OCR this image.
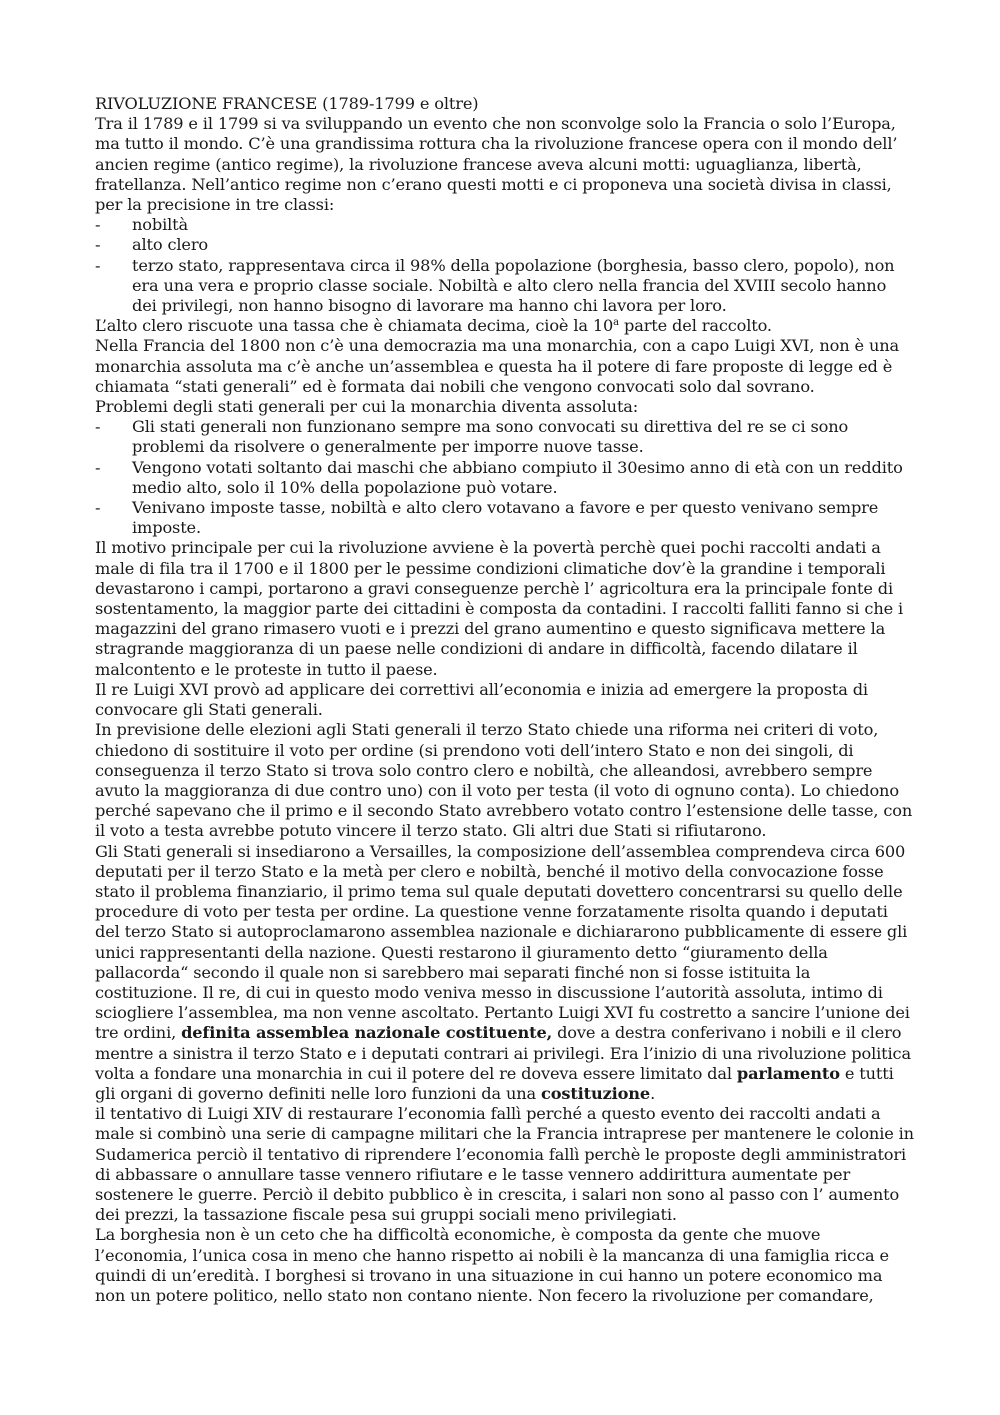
RIVOLUZIONE FRANCESE (1789-1799 e oltre)

Tra il 1789 e il 1799 si va sviluppando un evento che non sconvolge solo la Francia o solo l’Europa, ma tutto il mondo. C’è una grandissima rottura cha la rivoluzione francese opera con il mondo dell’ ancien regime (antico regime), la rivoluzione francese aveva alcuni motti: uguaglianza, libertà, fratellanza. Nell’antico regime non c’erano questi motti e ci proponeva una società divisa in classi, per la precisione in tre classi:

- nobiltà
- alto clero
- terzo stato, rappresentava circa il 98% della popolazione (borghesia, basso clero, popolo), non era una vera e proprio classe sociale. Nobiltà e alto clero nella francia del XVIII secolo hanno dei privilegi, non hanno bisogno di lavorare ma hanno chi lavora per loro.

L’alto clero riscuote una tassa che è chiamata decima, cioè la 10$^a$ parte del raccolto.

Nella Francia del 1800 non c’è una democrazia ma una monarchia, con a capo Luigi XVI, non è una monarchia assoluta ma c’è anche un’assemblea e questa ha il potere di fare proposte di legge ed è chiamata “stati generali” ed è formata dai nobili che vengono convocati solo dal sovrano.

Problemi degli stati generali per cui la monarchia diventa assoluta:

- Gli stati generali non funzionano sempre ma sono convocati su direttiva del re se ci sono problemi da risolvere o generalmente per imporre nuove tasse.
- Vengono votati soltanto dai maschi che abbiano compiuto il 30esimo anno di età con un reddito medio alto, solo il 10% della popolazione può votare.
- Venivano imposte tasse, nobiltà e alto clero votavano a favore e per questo venivano sempre imposte.

Il motivo principale per cui la rivoluzione avviene è la povertà perchè quei pochi raccolti andati a male di fila tra il 1700 e il 1800 per le pessime condizioni climatiche dov’è la grandine i temporali devastarono i campi, portarono a gravi conseguenze perchè l’ agricoltura era la principale fonte di sostentamento, la maggior parte dei cittadini è composta da contadini. I raccolti falliti fanno si che i magazzini del grano rimasero vuoti e i prezzi del grano aumentino e questo significava mettere la stragrande maggioranza di un paese nelle condizioni di andare in difficoltà, facendo dilatare il malcontento e le proteste in tutto il paese.

Il re Luigi XVI provò ad applicare dei correttivi all’economia e inizia ad emergere la proposta di convocare gli Stati generali.

In previsione delle elezioni agli Stati generali il terzo Stato chiede una riforma nei criteri di voto, chiedono di sostituire il voto per ordine (si prendono voti dell’intero Stato e non dei singoli, di conseguenza il terzo Stato si trova solo contro clero e nobiltà, che alleandosi, avrebbero sempre avuto la maggioranza di due contro uno) con il voto per testa (il voto di ognuno conta). Lo chiedono perché sapevano che il primo e il secondo Stato avrebbero votato contro l’estensione delle tasse, con il voto a testa avrebbe potuto vincere il terzo stato. Gli altri due Stati si rifiutarono.

Gli Stati generali si insediarono a Versailles, la composizione dell’assemblea comprendeva circa 600 deputati per il terzo Stato e la metà per clero e nobiltà, benché il motivo della convocazione fosse stato il problema finanziario, il primo tema sul quale deputati dovettero concentrarsi su quello delle procedure di voto per testa per ordine. La questione venne forzatamente risolta quando i deputati del terzo Stato si autoproclamarono assemblea nazionale e dichiararono pubblicamente di essere gli unici rappresentanti della nazione. Questi restarono il giuramento detto “giuramento della pallacorda“ secondo il quale non si sarebbero mai separati finché non si fosse istituita la costituzione. Il re, di cui in questo modo veniva messo in discussione l’autorità assoluta, intimo di sciogliere l’assemblea, ma non venne ascoltato. Pertanto Luigi XVI fu costretto a sancire l’unione dei tre ordini, definita assemblea nazionale costituente, dove a destra conferivano i nobili e il clero mentre a sinistra il terzo Stato e i deputati contrari ai privilegi. Era l’inizio di una rivoluzione politica volta a fondare una monarchia in cui il potere del re doveva essere limitato dal parlamento e tutti gli organi di governo definiti nelle loro funzioni da una costituzione.

il tentativo di Luigi XIV di restaurare l’economia fallì perché a questo evento dei raccolti andati a male si combinò una serie di campagne militari che la Francia intraprese per mantenere le colonie in Sudamerica perciò il tentativo di riprendere l’economia fallì perchè le proposte degli amministratori di abbassare o annullare tasse vennero rifiutare e le tasse vennero addirittura aumentate per sostenere le guerre. Perciò il debito pubblico è in crescita, i salari non sono al passo con l’ aumento dei prezzi, la tassazione fiscale pesa sui gruppi sociali meno privilegiati.

La borghesia non è un ceto che ha difficoltà economiche, è composta da gente che muove l’economia, l’unica cosa in meno che hanno rispetto ai nobili è la mancanza di una famiglia ricca e quindi di un’eredità. I borghesi si trovano in una situazione in cui hanno un potere economico ma non un potere politico, nello stato non contano niente. Non fecero la rivoluzione per comandare,
